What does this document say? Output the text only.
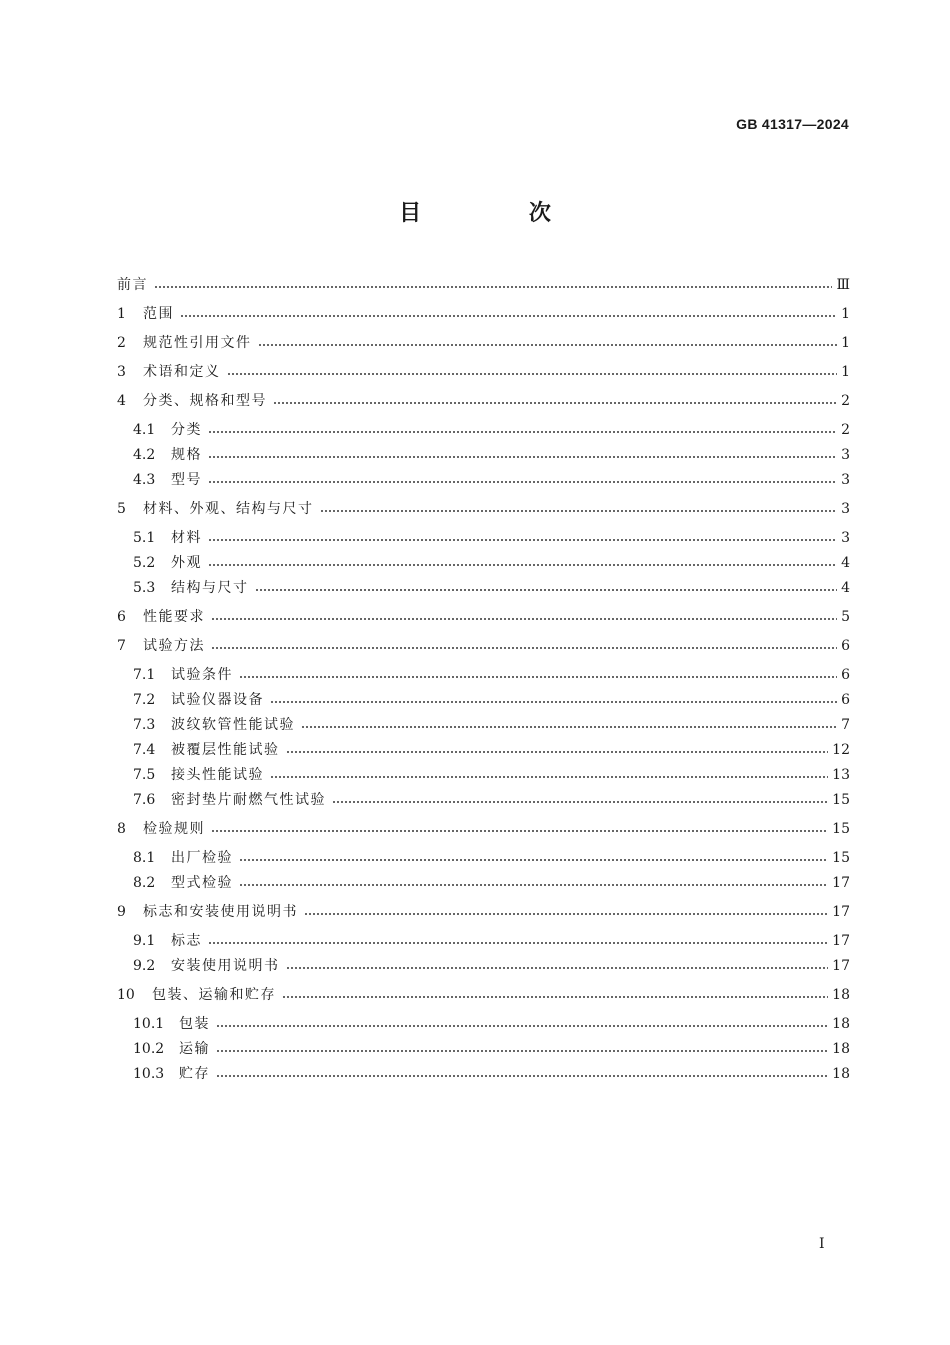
GB 41317—2024
目 次
前言	Ⅲ
1	范围	1
2	规范性引用文件	1
3	术语和定义	1
4	分类、规格和型号	2
4.1	分类	2
4.2	规格	3
4.3	型号	3
5	材料、外观、结构与尺寸	3
5.1	材料	3
5.2	外观	4
5.3	结构与尺寸	4
6	性能要求	5
7	试验方法	6
7.1	试验条件	6
7.2	试验仪器设备	6
7.3	波纹软管性能试验	7
7.4	被覆层性能试验	12
7.5	接头性能试验	13
7.6	密封垫片耐燃气性试验	15
8	检验规则	15
8.1	出厂检验	15
8.2	型式检验	17
9	标志和安装使用说明书	17
9.1	标志	17
9.2	安装使用说明书	17
10	包装、运输和贮存	18
10.1	包装	18
10.2	运输	18
10.3	贮存	18
I
